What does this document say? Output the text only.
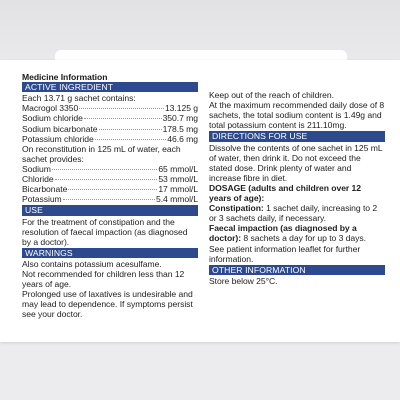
Medicine Information
ACTIVE INGREDIENT

Each 13.71 g sachet contains:

Macrogol 3350	13.125 g
Sodium chloride	350.7 mg
Sodium bicarbonate	178.5 mg
Potassium chloride	46.6 mg

On reconstitution in 125 mL of water, each sachet provides:

Sodium	65 mmol/L
Chloride	53 mmol/L
Bicarbonate	17 mmol/L
Potassium	5.4 mmol/L
USE

For the treatment of constipation and the resolution of faecal impaction (as diagnosed by a doctor).

WARNINGS

Also contains potassium acesulfame.

Not recommended for children less than 12 years of age.

Prolonged use of laxatives is undesirable and may lead to dependence. If symptoms persist see your doctor.

Keep out of the reach of children.

At the maximum recommended daily dose of 8 sachets, the total sodium content is 1.49g and total potassium content is 211.10mg.

DIRECTIONS FOR USE

Dissolve the contents of one sachet in 125 mL of water, then drink it. Do not exceed the stated dose. Drink plenty of water and increase fibre in diet.

DOSAGE (adults and children over 12 years of age):

Constipation: 1 sachet daily, increasing to 2 or 3 sachets daily, if necessary.

Faecal impaction (as diagnosed by a doctor): 8 sachets a day for up to 3 days.

See patient information leaflet for further information.

OTHER INFORMATION

Store below 25°C.
